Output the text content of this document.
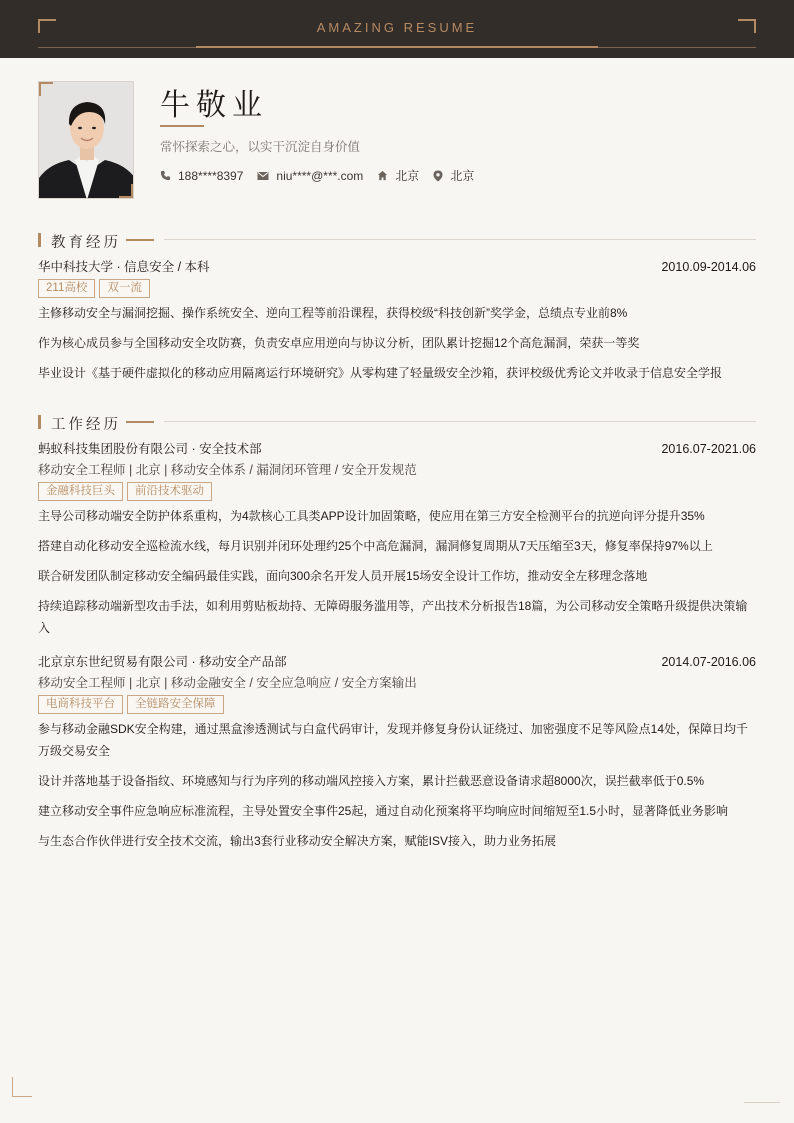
AMAZING RESUME
牛敬业
常怀探索之心，以实干沉淀自身价值
188****8397	niu****@***.com	北京	北京
教育经历
华中科技大学 · 信息安全 / 本科	2010.09-2014.06
211高校	双一流
主修移动安全与漏洞挖掘、操作系统安全、逆向工程等前沿课程，获得校级“科技创新”奖学金，总绩点专业前8%
作为核心成员参与全国移动安全攻防赛，负责安卓应用逆向与协议分析，团队累计挖掘12个高危漏洞，荣获一等奖
毕业设计《基于硬件虚拟化的移动应用隔离运行环境研究》从零构建了轻量级安全沙箱，获评校级优秀论文并收录于信息安全学报
工作经历
蚂蚁科技集团股份有限公司 · 安全技术部	2016.07-2021.06
移动安全工程师 | 北京 | 移动安全体系 / 漏洞闭环管理 / 安全开发规范
金融科技巨头	前沿技术驱动
主导公司移动端安全防护体系重构，为4款核心工具类APP设计加固策略，使应用在第三方安全检测平台的抗逆向评分提升35%
搭建自动化移动安全巡检流水线，每月识别并闭环处理约25个中高危漏洞，漏洞修复周期从7天压缩至3天，修复率保持97%以上
联合研发团队制定移动安全编码最佳实践，面向300余名开发人员开展15场安全设计工作坊，推动安全左移理念落地
持续追踪移动端新型攻击手法，如利用剪贴板劫持、无障碍服务滥用等，产出技术分析报告18篇，为公司移动安全策略升级提供决策输入
北京京东世纪贸易有限公司 · 移动安全产品部	2014.07-2016.06
移动安全工程师 | 北京 | 移动金融安全 / 安全应急响应 / 安全方案输出
电商科技平台	全链路安全保障
参与移动金融SDK安全构建，通过黑盒渗透测试与白盒代码审计，发现并修复身份认证绕过、加密强度不足等风险点14处，保障日均千万级交易安全
设计并落地基于设备指纹、环境感知与行为序列的移动端风控接入方案，累计拦截恶意设备请求超8000次，误拦截率低于0.5%
建立移动安全事件应急响应标准流程，主导处置安全事件25起，通过自动化预案将平均响应时间缩短至1.5小时，显著降低业务影响
与生态合作伙伴进行安全技术交流，输出3套行业移动安全解决方案，赋能ISV接入，助力业务拓展
